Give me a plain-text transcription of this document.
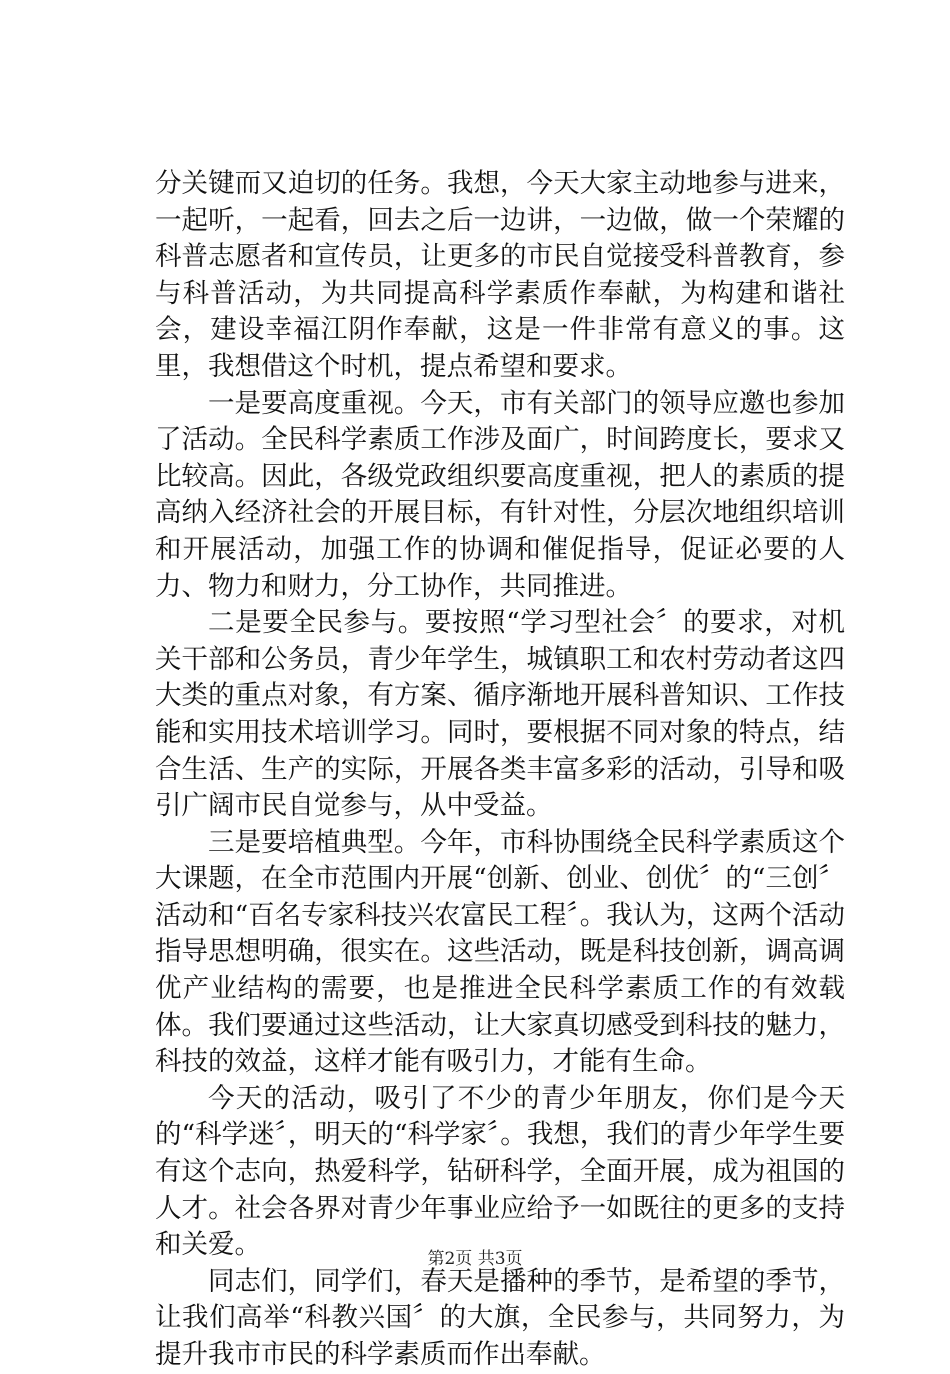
分关键而又迫切的任务。我想，今天大家主动地参与进来，一起听，一起看，回去之后一边讲，一边做，做一个荣耀的科普志愿者和宣传员，让更多的市民自觉接受科普教育，参与科普活动，为共同提高科学素质作奉献，为构建和谐社会，建设幸福江阴作奉献，这是一件非常有意义的事。这里，我想借这个时机，提点希望和要求。

一是要高度重视。今天，市有关部门的领导应邀也参加了活动。全民科学素质工作涉及面广，时间跨度长，要求又比较高。因此，各级党政组织要高度重视，把人的素质的提高纳入经济社会的开展目标，有针对性，分层次地组织培训和开展活动，加强工作的协调和催促指导，促证必要的人力、物力和财力，分工协作，共同推进。

二是要全民参与。要按照“学习型社会〞的要求，对机关干部和公务员，青少年学生，城镇职工和农村劳动者这四大类的重点对象，有方案、循序渐地开展科普知识、工作技能和实用技术培训学习。同时，要根据不同对象的特点，结合生活、生产的实际，开展各类丰富多彩的活动，引导和吸引广阔市民自觉参与，从中受益。

三是要培植典型。今年，市科协围绕全民科学素质这个大课题，在全市范围内开展“创新、创业、创优〞的“三创〞活动和“百名专家科技兴农富民工程〞。我认为，这两个活动指导思想明确，很实在。这些活动，既是科技创新，调高调优产业结构的需要，也是推进全民科学素质工作的有效载体。我们要通过这些活动，让大家真切感受到科技的魅力，科技的效益，这样才能有吸引力，才能有生命。

今天的活动，吸引了不少的青少年朋友，你们是今天的“科学迷〞，明天的“科学家〞。我想，我们的青少年学生要有这个志向，热爱科学，钻研科学，全面开展，成为祖国的人才。社会各界对青少年事业应给予一如既往的更多的支持和关爱。

同志们，同学们，春天是播种的季节，是希望的季节，让我们高举“科教兴国〞的大旗，全民参与，共同努力，为提升我市市民的科学素质而作出奉献。

第2页 共3页
